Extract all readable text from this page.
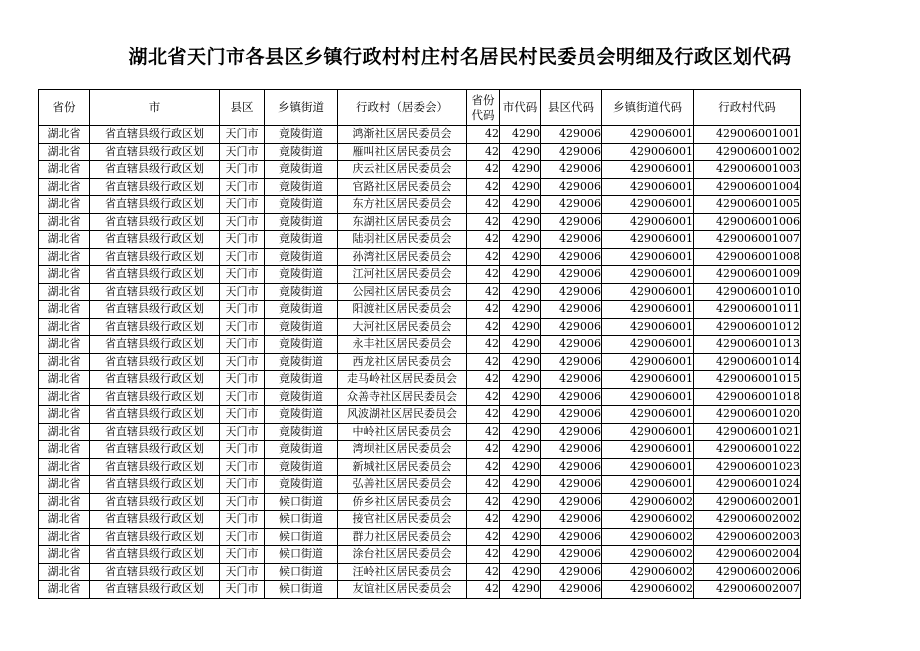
湖北省天门市各县区乡镇行政村村庄村名居民村民委员会明细及行政区划代码
省份	市	县区	乡镇街道	行政村（居委会）	省份代码	市代码	县区代码	乡镇街道代码	行政村代码
湖北省	省直辖县级行政区划	天门市	竟陵街道	鸿渐社区居民委员会	42	4290	429006	429006001	429006001001
湖北省	省直辖县级行政区划	天门市	竟陵街道	雁叫社区居民委员会	42	4290	429006	429006001	429006001002
湖北省	省直辖县级行政区划	天门市	竟陵街道	庆云社区居民委员会	42	4290	429006	429006001	429006001003
湖北省	省直辖县级行政区划	天门市	竟陵街道	官路社区居民委员会	42	4290	429006	429006001	429006001004
湖北省	省直辖县级行政区划	天门市	竟陵街道	东方社区居民委员会	42	4290	429006	429006001	429006001005
湖北省	省直辖县级行政区划	天门市	竟陵街道	东湖社区居民委员会	42	4290	429006	429006001	429006001006
湖北省	省直辖县级行政区划	天门市	竟陵街道	陆羽社区居民委员会	42	4290	429006	429006001	429006001007
湖北省	省直辖县级行政区划	天门市	竟陵街道	孙湾社区居民委员会	42	4290	429006	429006001	429006001008
湖北省	省直辖县级行政区划	天门市	竟陵街道	江河社区居民委员会	42	4290	429006	429006001	429006001009
湖北省	省直辖县级行政区划	天门市	竟陵街道	公园社区居民委员会	42	4290	429006	429006001	429006001010
湖北省	省直辖县级行政区划	天门市	竟陵街道	阳渡社区居民委员会	42	4290	429006	429006001	429006001011
湖北省	省直辖县级行政区划	天门市	竟陵街道	大河社区居民委员会	42	4290	429006	429006001	429006001012
湖北省	省直辖县级行政区划	天门市	竟陵街道	永丰社区居民委员会	42	4290	429006	429006001	429006001013
湖北省	省直辖县级行政区划	天门市	竟陵街道	西龙社区居民委员会	42	4290	429006	429006001	429006001014
湖北省	省直辖县级行政区划	天门市	竟陵街道	走马岭社区居民委员会	42	4290	429006	429006001	429006001015
湖北省	省直辖县级行政区划	天门市	竟陵街道	众善寺社区居民委员会	42	4290	429006	429006001	429006001018
湖北省	省直辖县级行政区划	天门市	竟陵街道	风波湖社区居民委员会	42	4290	429006	429006001	429006001020
湖北省	省直辖县级行政区划	天门市	竟陵街道	中岭社区居民委员会	42	4290	429006	429006001	429006001021
湖北省	省直辖县级行政区划	天门市	竟陵街道	湾坝社区居民委员会	42	4290	429006	429006001	429006001022
湖北省	省直辖县级行政区划	天门市	竟陵街道	新城社区居民委员会	42	4290	429006	429006001	429006001023
湖北省	省直辖县级行政区划	天门市	竟陵街道	弘善社区居民委员会	42	4290	429006	429006001	429006001024
湖北省	省直辖县级行政区划	天门市	候口街道	侨乡社区居民委员会	42	4290	429006	429006002	429006002001
湖北省	省直辖县级行政区划	天门市	候口街道	接官社区居民委员会	42	4290	429006	429006002	429006002002
湖北省	省直辖县级行政区划	天门市	候口街道	群力社区居民委员会	42	4290	429006	429006002	429006002003
湖北省	省直辖县级行政区划	天门市	候口街道	涂台社区居民委员会	42	4290	429006	429006002	429006002004
湖北省	省直辖县级行政区划	天门市	候口街道	汪岭社区居民委员会	42	4290	429006	429006002	429006002006
湖北省	省直辖县级行政区划	天门市	候口街道	友谊社区居民委员会	42	4290	429006	429006002	429006002007
